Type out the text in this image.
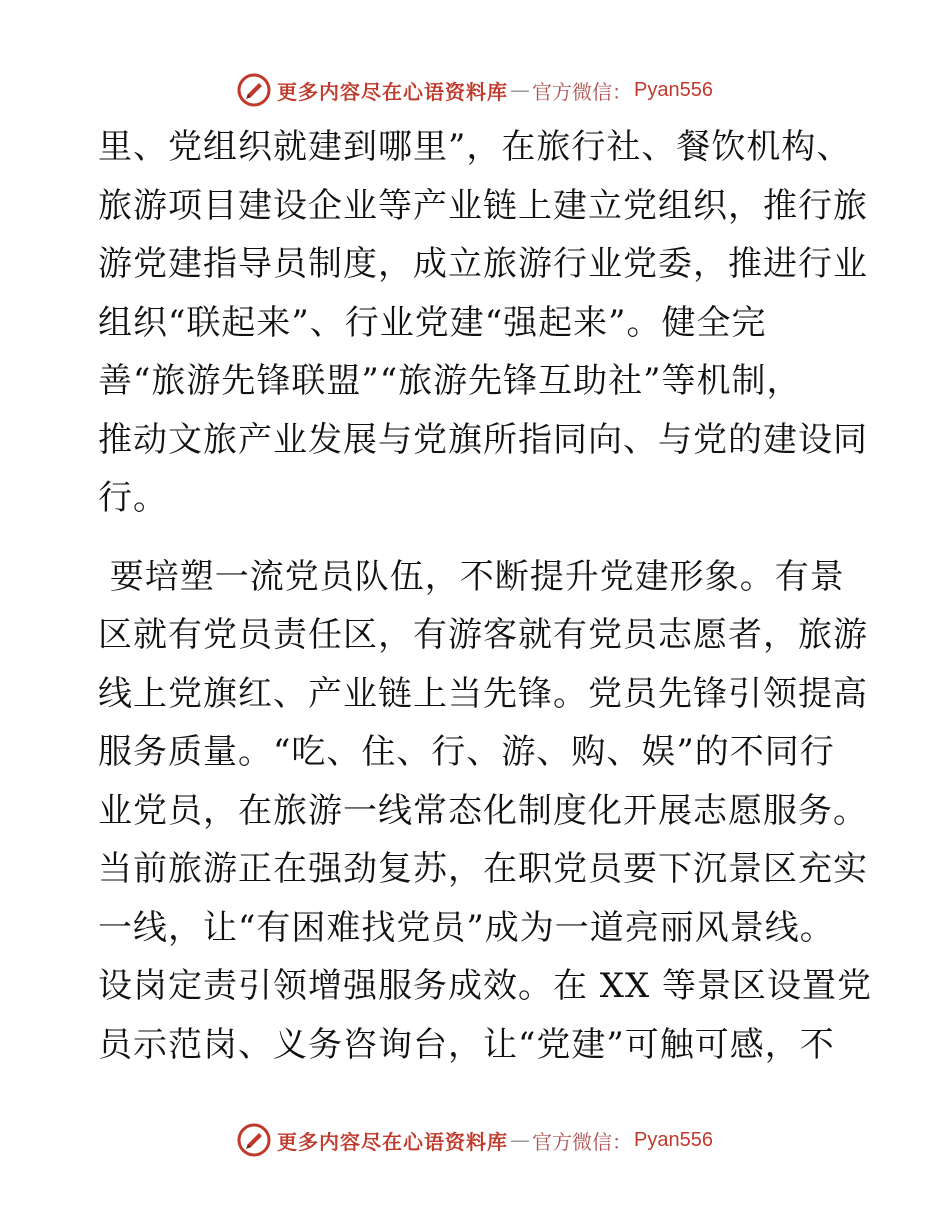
更多内容尽在心语资料库 — 官方微信： Pyan556
里、党组织就建到哪里”，在旅行社、餐饮机构、
旅游项目建设企业等产业链上建立党组织，推行旅
游党建指导员制度，成立旅游行业党委，推进行业
组织“联起来”、行业党建“强起来”。健全完
善“旅游先锋联盟”“旅游先锋互助社”等机制，
推动文旅产业发展与党旗所指同向、与党的建设同
行。
要培塑一流党员队伍，不断提升党建形象。有景
区就有党员责任区，有游客就有党员志愿者，旅游
线上党旗红、产业链上当先锋。党员先锋引领提高
服务质量。“吃、住、行、游、购、娱”的不同行
业党员，在旅游一线常态化制度化开展志愿服务。
当前旅游正在强劲复苏，在职党员要下沉景区充实
一线，让“有困难找党员”成为一道亮丽风景线。
设岗定责引领增强服务成效。在 XX 等景区设置党
员示范岗、义务咨询台，让“党建”可触可感，不
更多内容尽在心语资料库 — 官方微信： Pyan556
